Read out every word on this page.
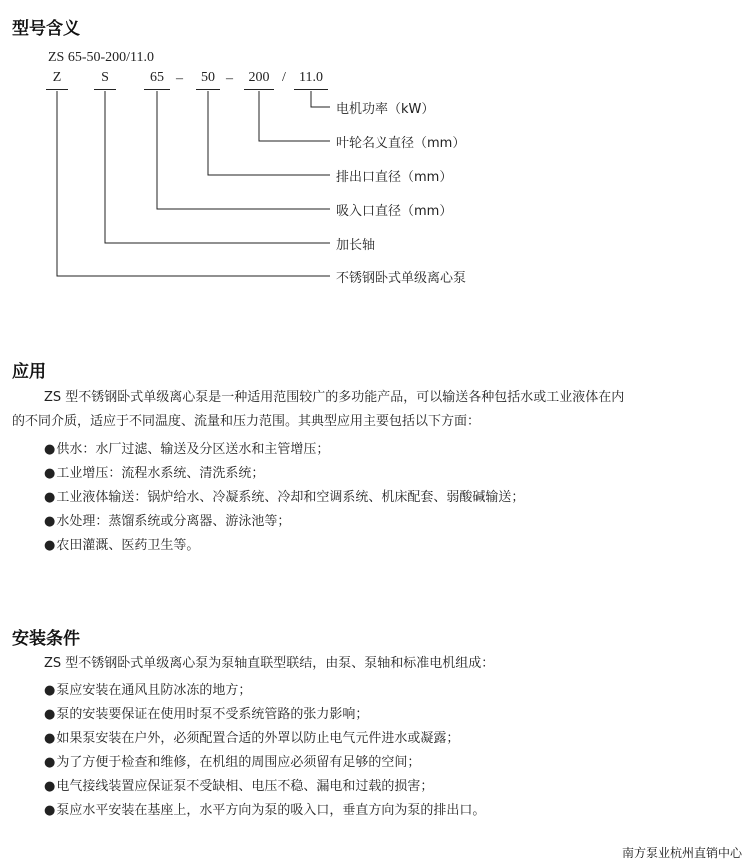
型号含义
ZS 65-50-200/11.0
Z	S	65 –	50 –	200 / 11.0
电机功率（kW）
叶轮名义直径（mm）
排出口直径（mm）
吸入口直径（mm）
加长轴
不锈钢卧式单级离心泵
应用
ZS 型不锈钢卧式单级离心泵是一种适用范围较广的多功能产品，可以输送各种包括水或工业液体在内
的不同介质，适应于不同温度、流量和压力范围。其典型应用主要包括以下方面：
●供水：水厂过滤、输送及分区送水和主管增压；
●工业增压：流程水系统、清洗系统；
●工业液体输送：锅炉给水、冷凝系统、冷却和空调系统、机床配套、弱酸碱输送；
●水处理：蒸馏系统或分离器、游泳池等；
●农田灌溉、医药卫生等。
安装条件
ZS 型不锈钢卧式单级离心泵为泵轴直联型联结，由泵、泵轴和标准电机组成：
●泵应安装在通风且防冰冻的地方；
●泵的安装要保证在使用时泵不受系统管路的张力影响；
●如果泵安装在户外，必须配置合适的外罩以防止电气元件进水或凝露；
●为了方便于检查和维修，在机组的周围应必须留有足够的空间；
●电气接线装置应保证泵不受缺相、电压不稳、漏电和过载的损害；
●泵应水平安装在基座上，水平方向为泵的吸入口，垂直方向为泵的排出口。
南方泵业杭州直销中心
